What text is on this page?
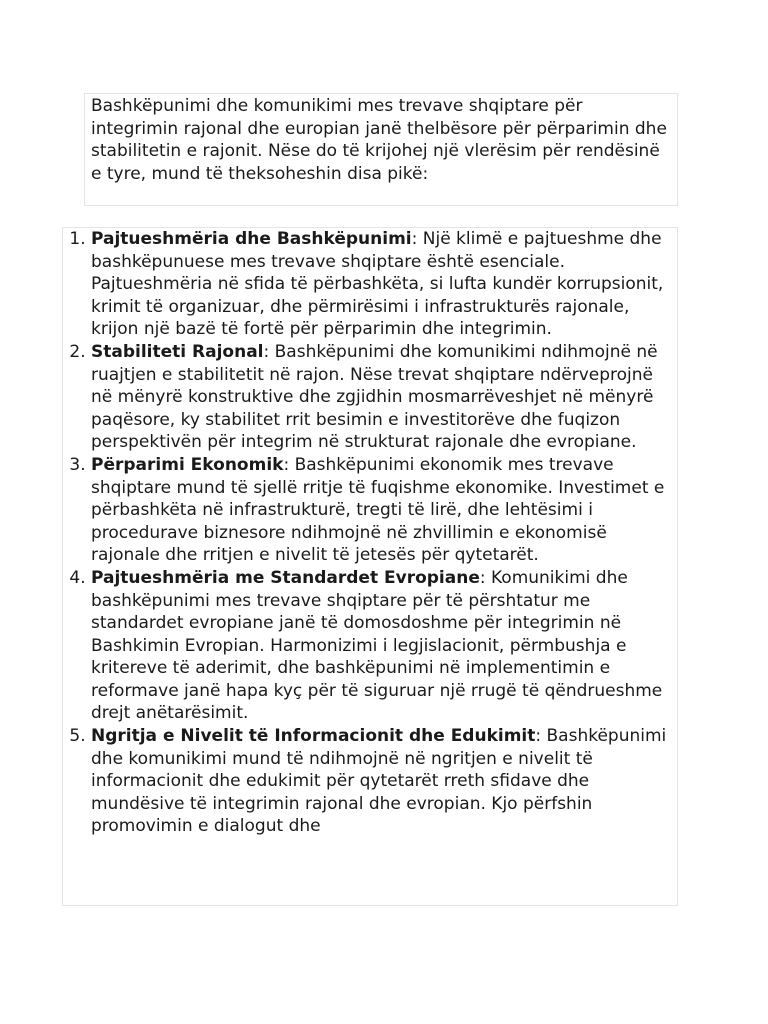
Bashkëpunimi dhe komunikimi mes trevave shqiptare për integrimin rajonal dhe europian janë thelbësore për përparimin dhe stabilitetin e rajonit. Nëse do të krijohej një vlerësim për rendësinë e tyre, mund të theksoheshin disa pikë:
1. Pajtueshmëria dhe Bashkëpunimi: Një klimë e pajtueshme dhe bashkëpunuese mes trevave shqiptare është esenciale. Pajtueshmëria në sfida të përbashkëta, si lufta kundër korrupsionit, krimit të organizuar, dhe përmirësimi i infrastrukturës rajonale, krijon një bazë të fortë për përparimin dhe integrimin.
2. Stabiliteti Rajonal: Bashkëpunimi dhe komunikimi ndihmojnë në ruajtjen e stabilitetit në rajon. Nëse trevat shqiptare ndërveprojnë në mënyrë konstruktive dhe zgjidhin mosmarrëveshjet në mënyrë paqësore, ky stabilitet rrit besimin e investitorëve dhe fuqizon perspektivën për integrim në strukturat rajonale dhe evropiane.
3. Përparimi Ekonomik: Bashkëpunimi ekonomik mes trevave shqiptare mund të sjellë rritje të fuqishme ekonomike. Investimet e përbashkëta në infrastrukturë, tregti të lirë, dhe lehtësimi i procedurave biznesore ndihmojnë në zhvillimin e ekonomisë rajonale dhe rritjen e nivelit të jetesës për qytetarët.
4. Pajtueshmëria me Standardet Evropiane: Komunikimi dhe bashkëpunimi mes trevave shqiptare për të përshtatur me standardet evropiane janë të domosdoshme për integrimin në Bashkimin Evropian. Harmonizimi i legjislacionit, përmbushja e kritereve të aderimit, dhe bashkëpunimi në implementimin e reformave janë hapa kyç për të siguruar një rrugë të qëndrueshme drejt anëtarësimit.
5. Ngritja e Nivelit të Informacionit dhe Edukimit: Bashkëpunimi dhe komunikimi mund të ndihmojnë në ngritjen e nivelit të informacionit dhe edukimit për qytetarët rreth sfidave dhe mundësive të integrimin rajonal dhe evropian. Kjo përfshin promovimin e dialogut dhe
